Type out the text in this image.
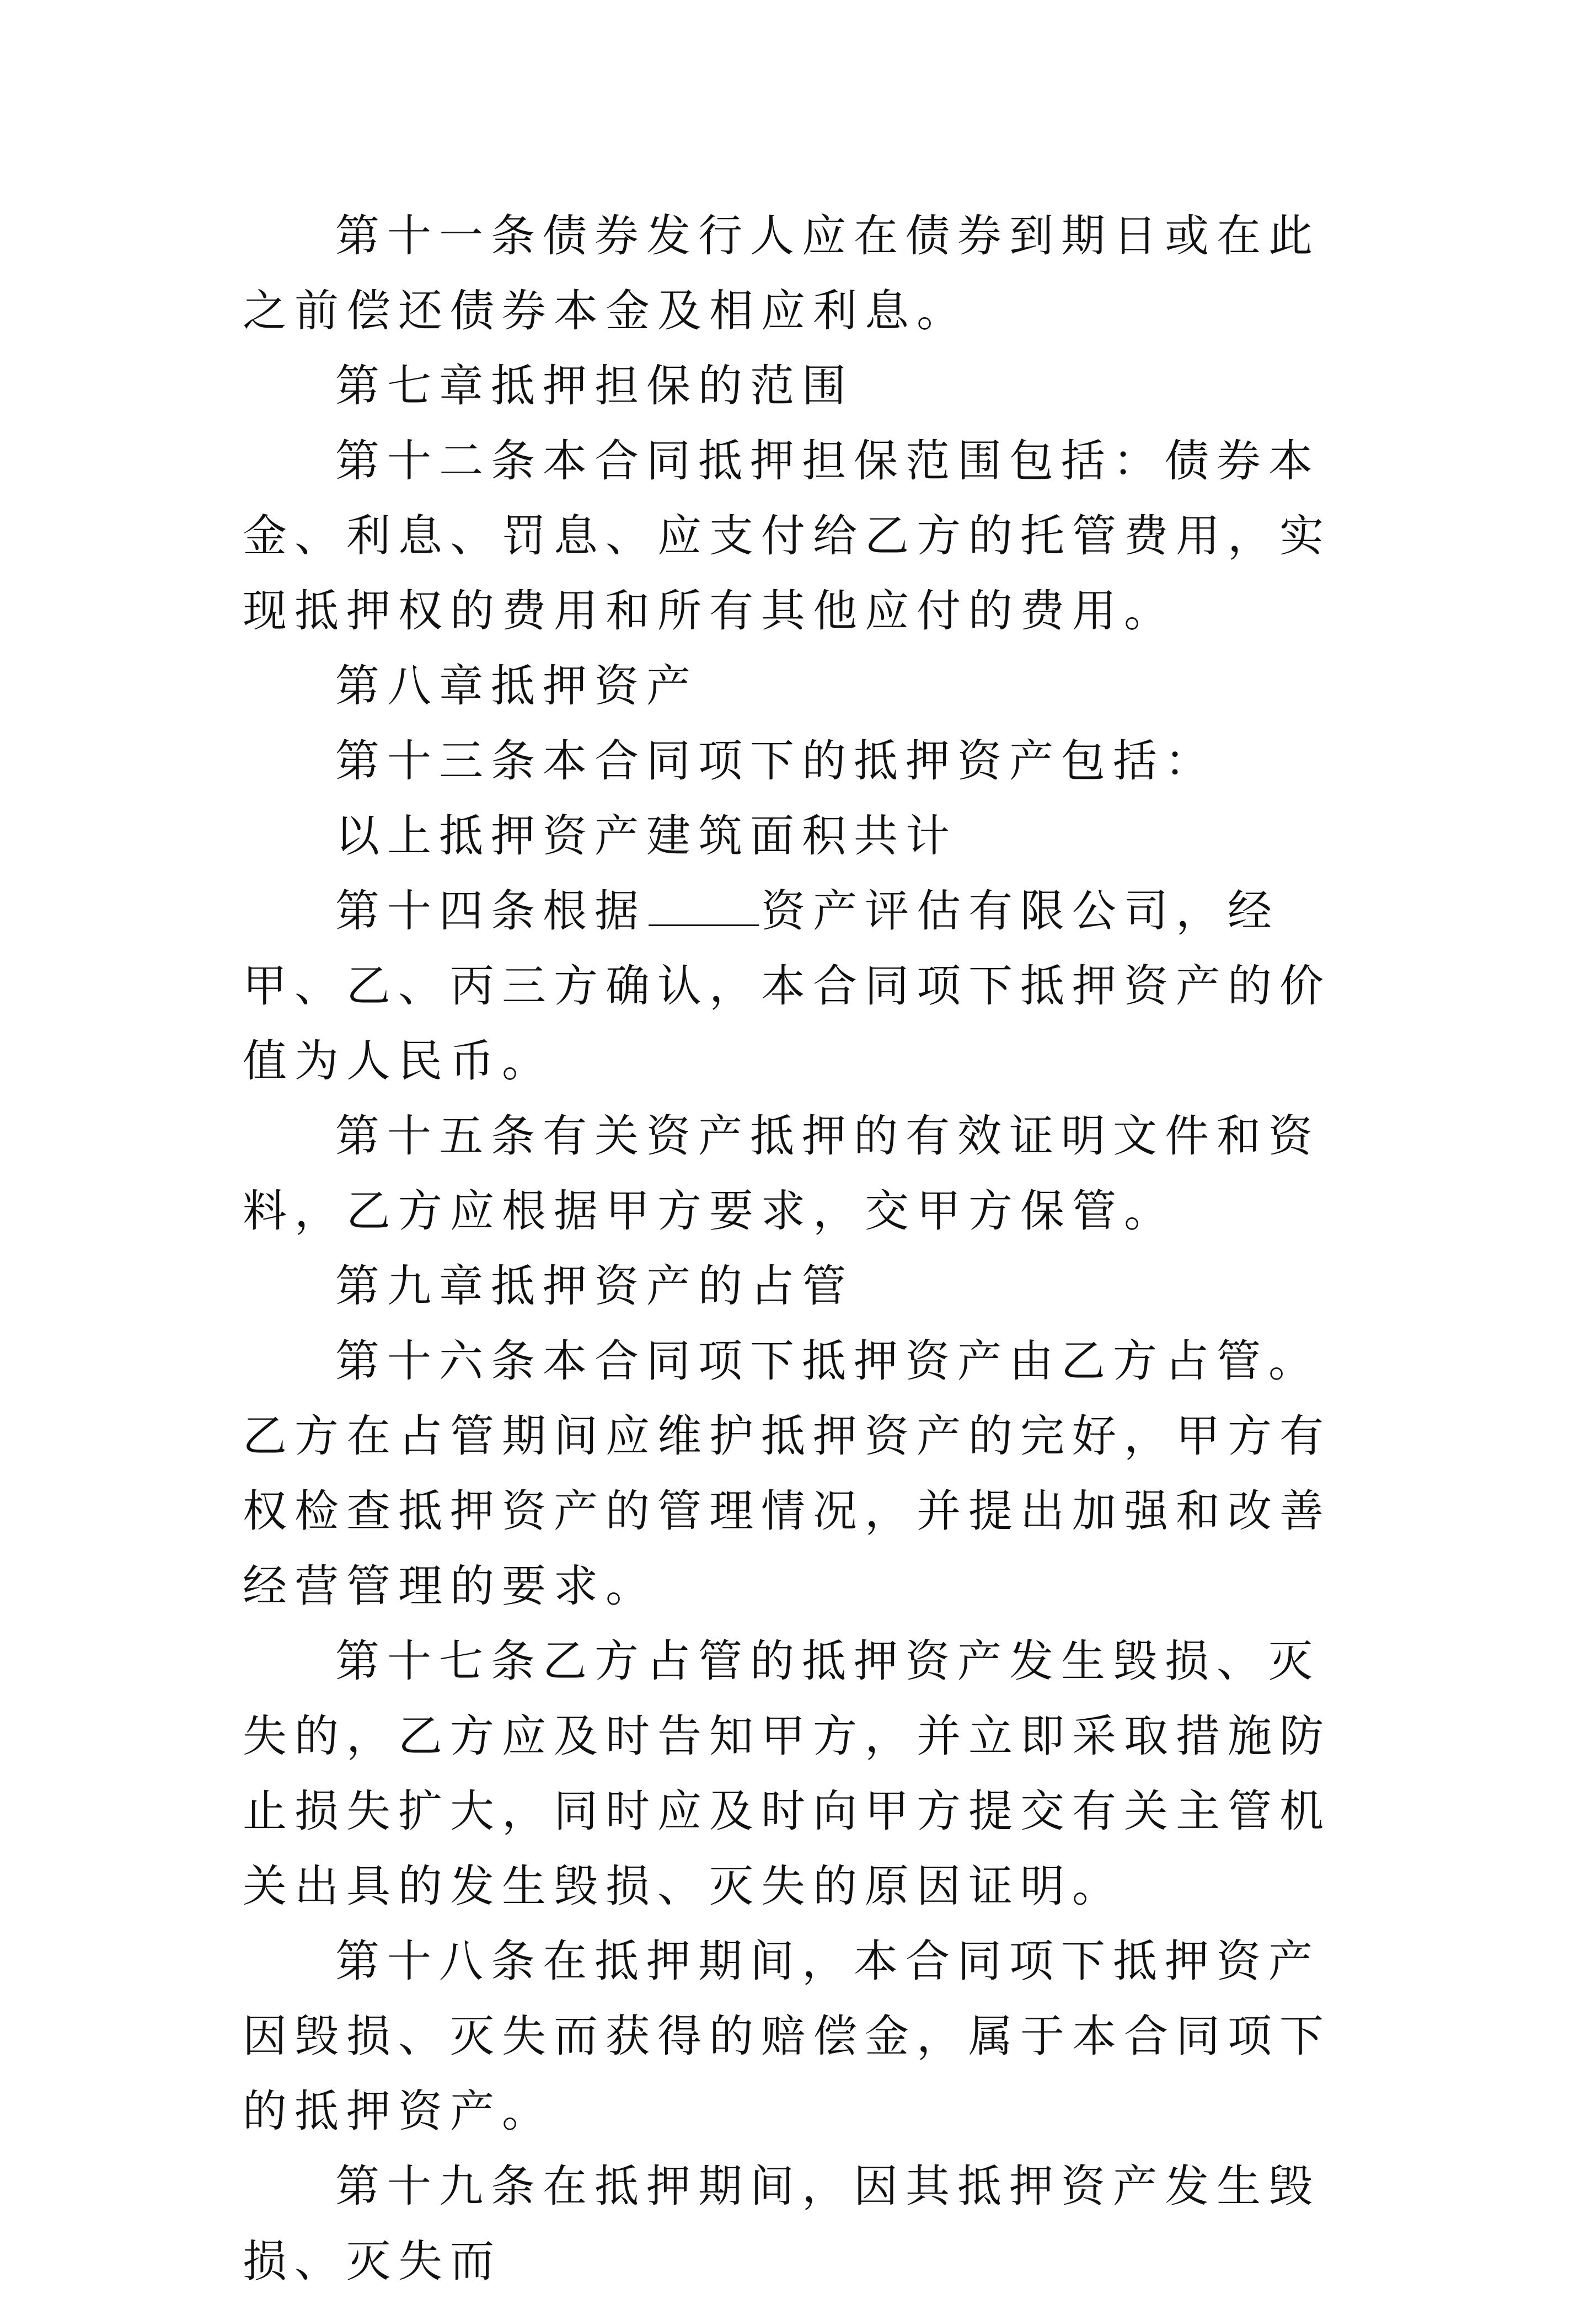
第十一条债券发行人应在债券到期日或在此之前偿还债券本金及相应利息。

第七章抵押担保的范围

第十二条本合同抵押担保范围包括：债券本金、利息、罚息、应支付给乙方的托管费用，实现抵押权的费用和所有其他应付的费用。

第八章抵押资产

第十三条本合同项下的抵押资产包括：

以上抵押资产建筑面积共计

第十四条根据	资产评估有限公司，经甲、乙、丙三方确认，本合同项下抵押资产的价值为人民币。

第十五条有关资产抵押的有效证明文件和资料，乙方应根据甲方要求，交甲方保管。

第九章抵押资产的占管

第十六条本合同项下抵押资产由乙方占管。乙方在占管期间应维护抵押资产的完好，甲方有权检查抵押资产的管理情况，并提出加强和改善经营管理的要求。

第十七条乙方占管的抵押资产发生毁损、灭失的，乙方应及时告知甲方，并立即采取措施防止损失扩大，同时应及时向甲方提交有关主管机关出具的发生毁损、灭失的原因证明。

第十八条在抵押期间，本合同项下抵押资产因毁损、灭失而获得的赔偿金，属于本合同项下的抵押资产。

第十九条在抵押期间，因其抵押资产发生毁损、灭失而
